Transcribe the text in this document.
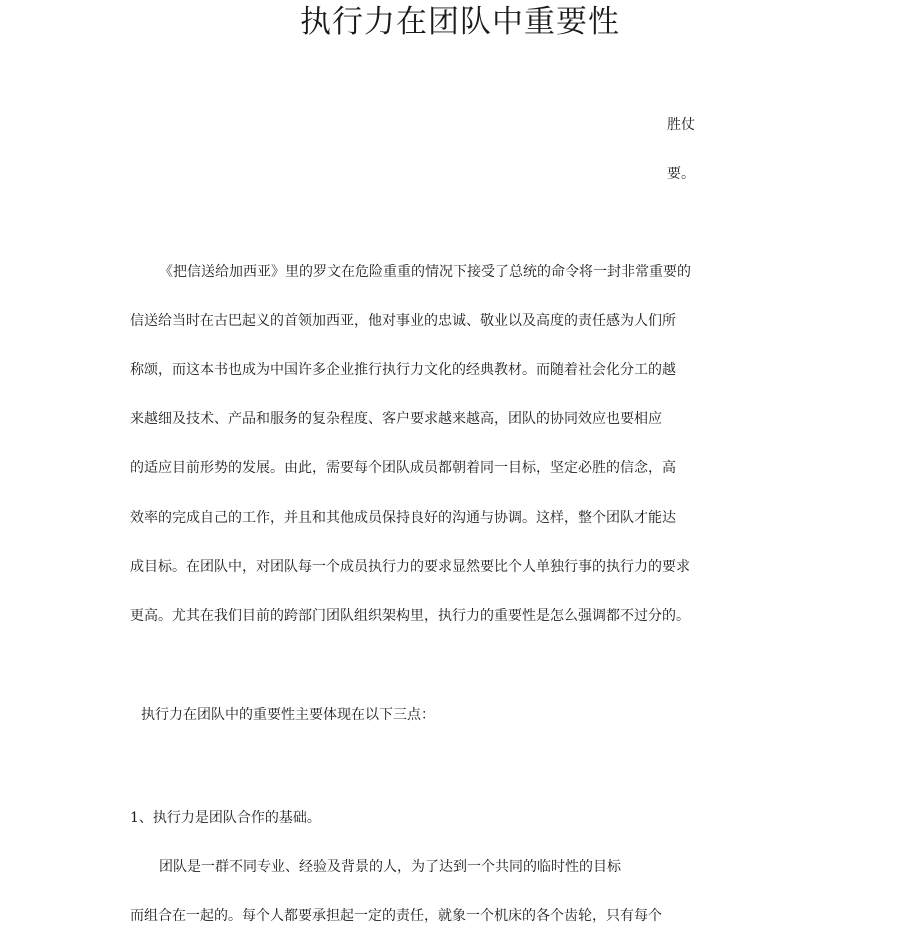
执行力在团队中重要性
胜仗
要。
《把信送给加西亚》里的罗文在危险重重的情况下接受了总统的命令将一封非常重要的
信送给当时在古巴起义的首领加西亚，他对事业的忠诚、敬业以及高度的责任感为人们所
称颂，而这本书也成为中国许多企业推行执行力文化的经典教材。而随着社会化分工的越
来越细及技术、产品和服务的复杂程度、客户要求越来越高，团队的协同效应也要相应
的适应目前形势的发展。由此，需要每个团队成员都朝着同一目标，坚定必胜的信念，高
效率的完成自己的工作，并且和其他成员保持良好的沟通与协调。这样，整个团队才能达
成目标。在团队中，对团队每一个成员执行力的要求显然要比个人单独行事的执行力的要求
更高。尤其在我们目前的跨部门团队组织架构里，执行力的重要性是怎么强调都不过分的。
执行力在团队中的重要性主要体现在以下三点：
1、执行力是团队合作的基础。
团队是一群不同专业、经验及背景的人，为了达到一个共同的临时性的目标
而组合在一起的。每个人都要承担起一定的责任，就象一个机床的各个齿轮，只有每个
